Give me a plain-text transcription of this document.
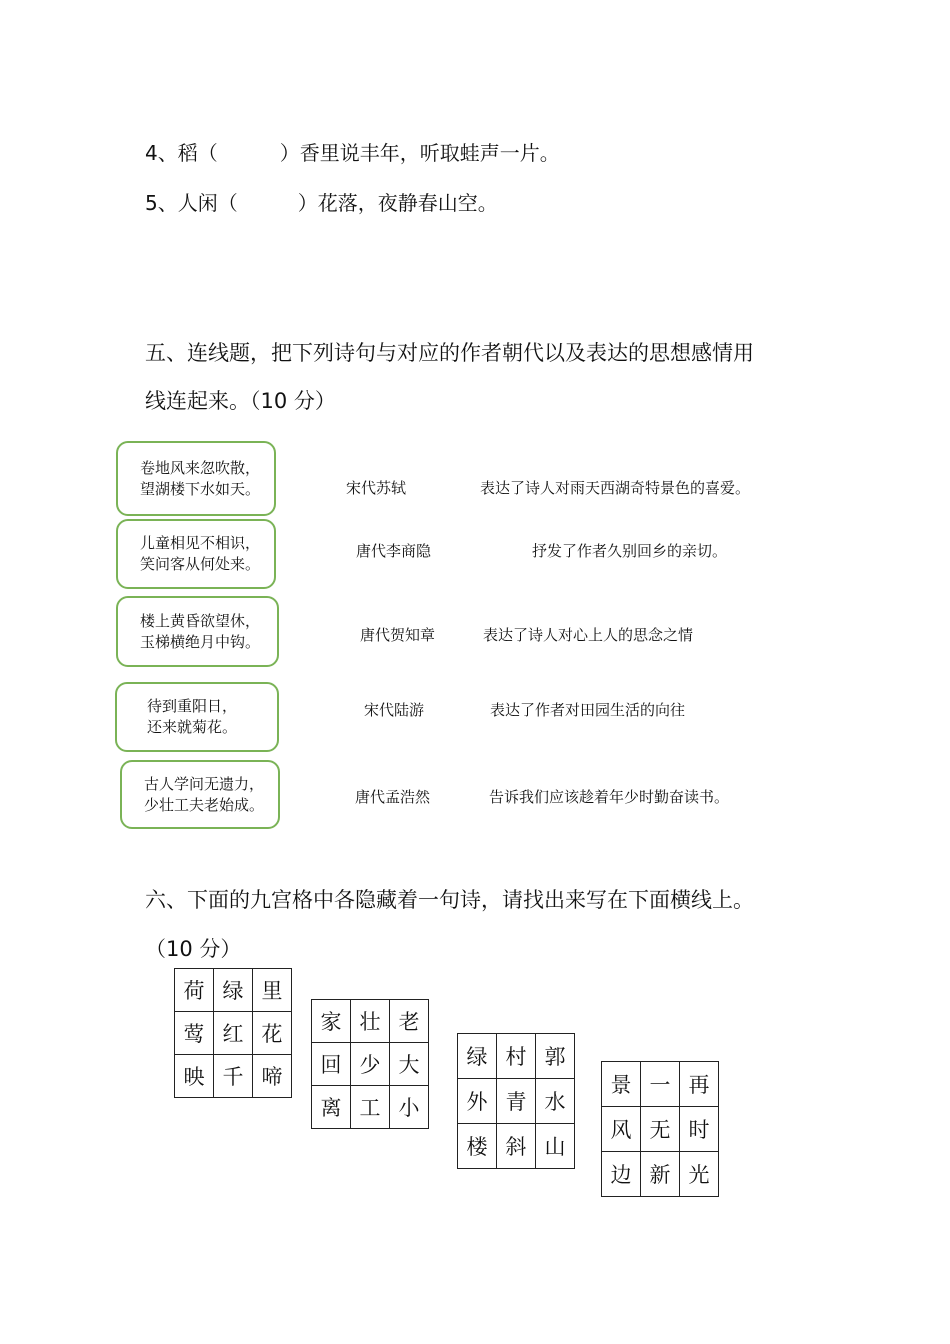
4、稻（	）香里说丰年，听取蛙声一片。
5、人闲（	）花落，夜静春山空。
五、连线题，把下列诗句与对应的作者朝代以及表达的思想感情用
线连起来。（10 分）
卷地风来忽吹散，
望湖楼下水如天。
儿童相见不相识，
笑问客从何处来。
楼上黄昏欲望休，
玉梯横绝月中钩。
待到重阳日，
还来就菊花。
古人学问无遗力，
少壮工夫老始成。
宋代苏轼
唐代李商隐
唐代贺知章
宋代陆游
唐代孟浩然
表达了诗人对雨天西湖奇特景色的喜爱。
抒发了作者久别回乡的亲切。
表达了诗人对心上人的思念之情
表达了作者对田园生活的向往
告诉我们应该趁着年少时勤奋读书。
六、下面的九宫格中各隐藏着一句诗，请找出来写在下面横线上。
（10 分）
荷	绿	里
莺	红	花
映	千	啼
家	壮	老
回	少	大
离	工	小
绿	村	郭
外	青	水
楼	斜	山
景	一	再
风	无	时
边	新	光
